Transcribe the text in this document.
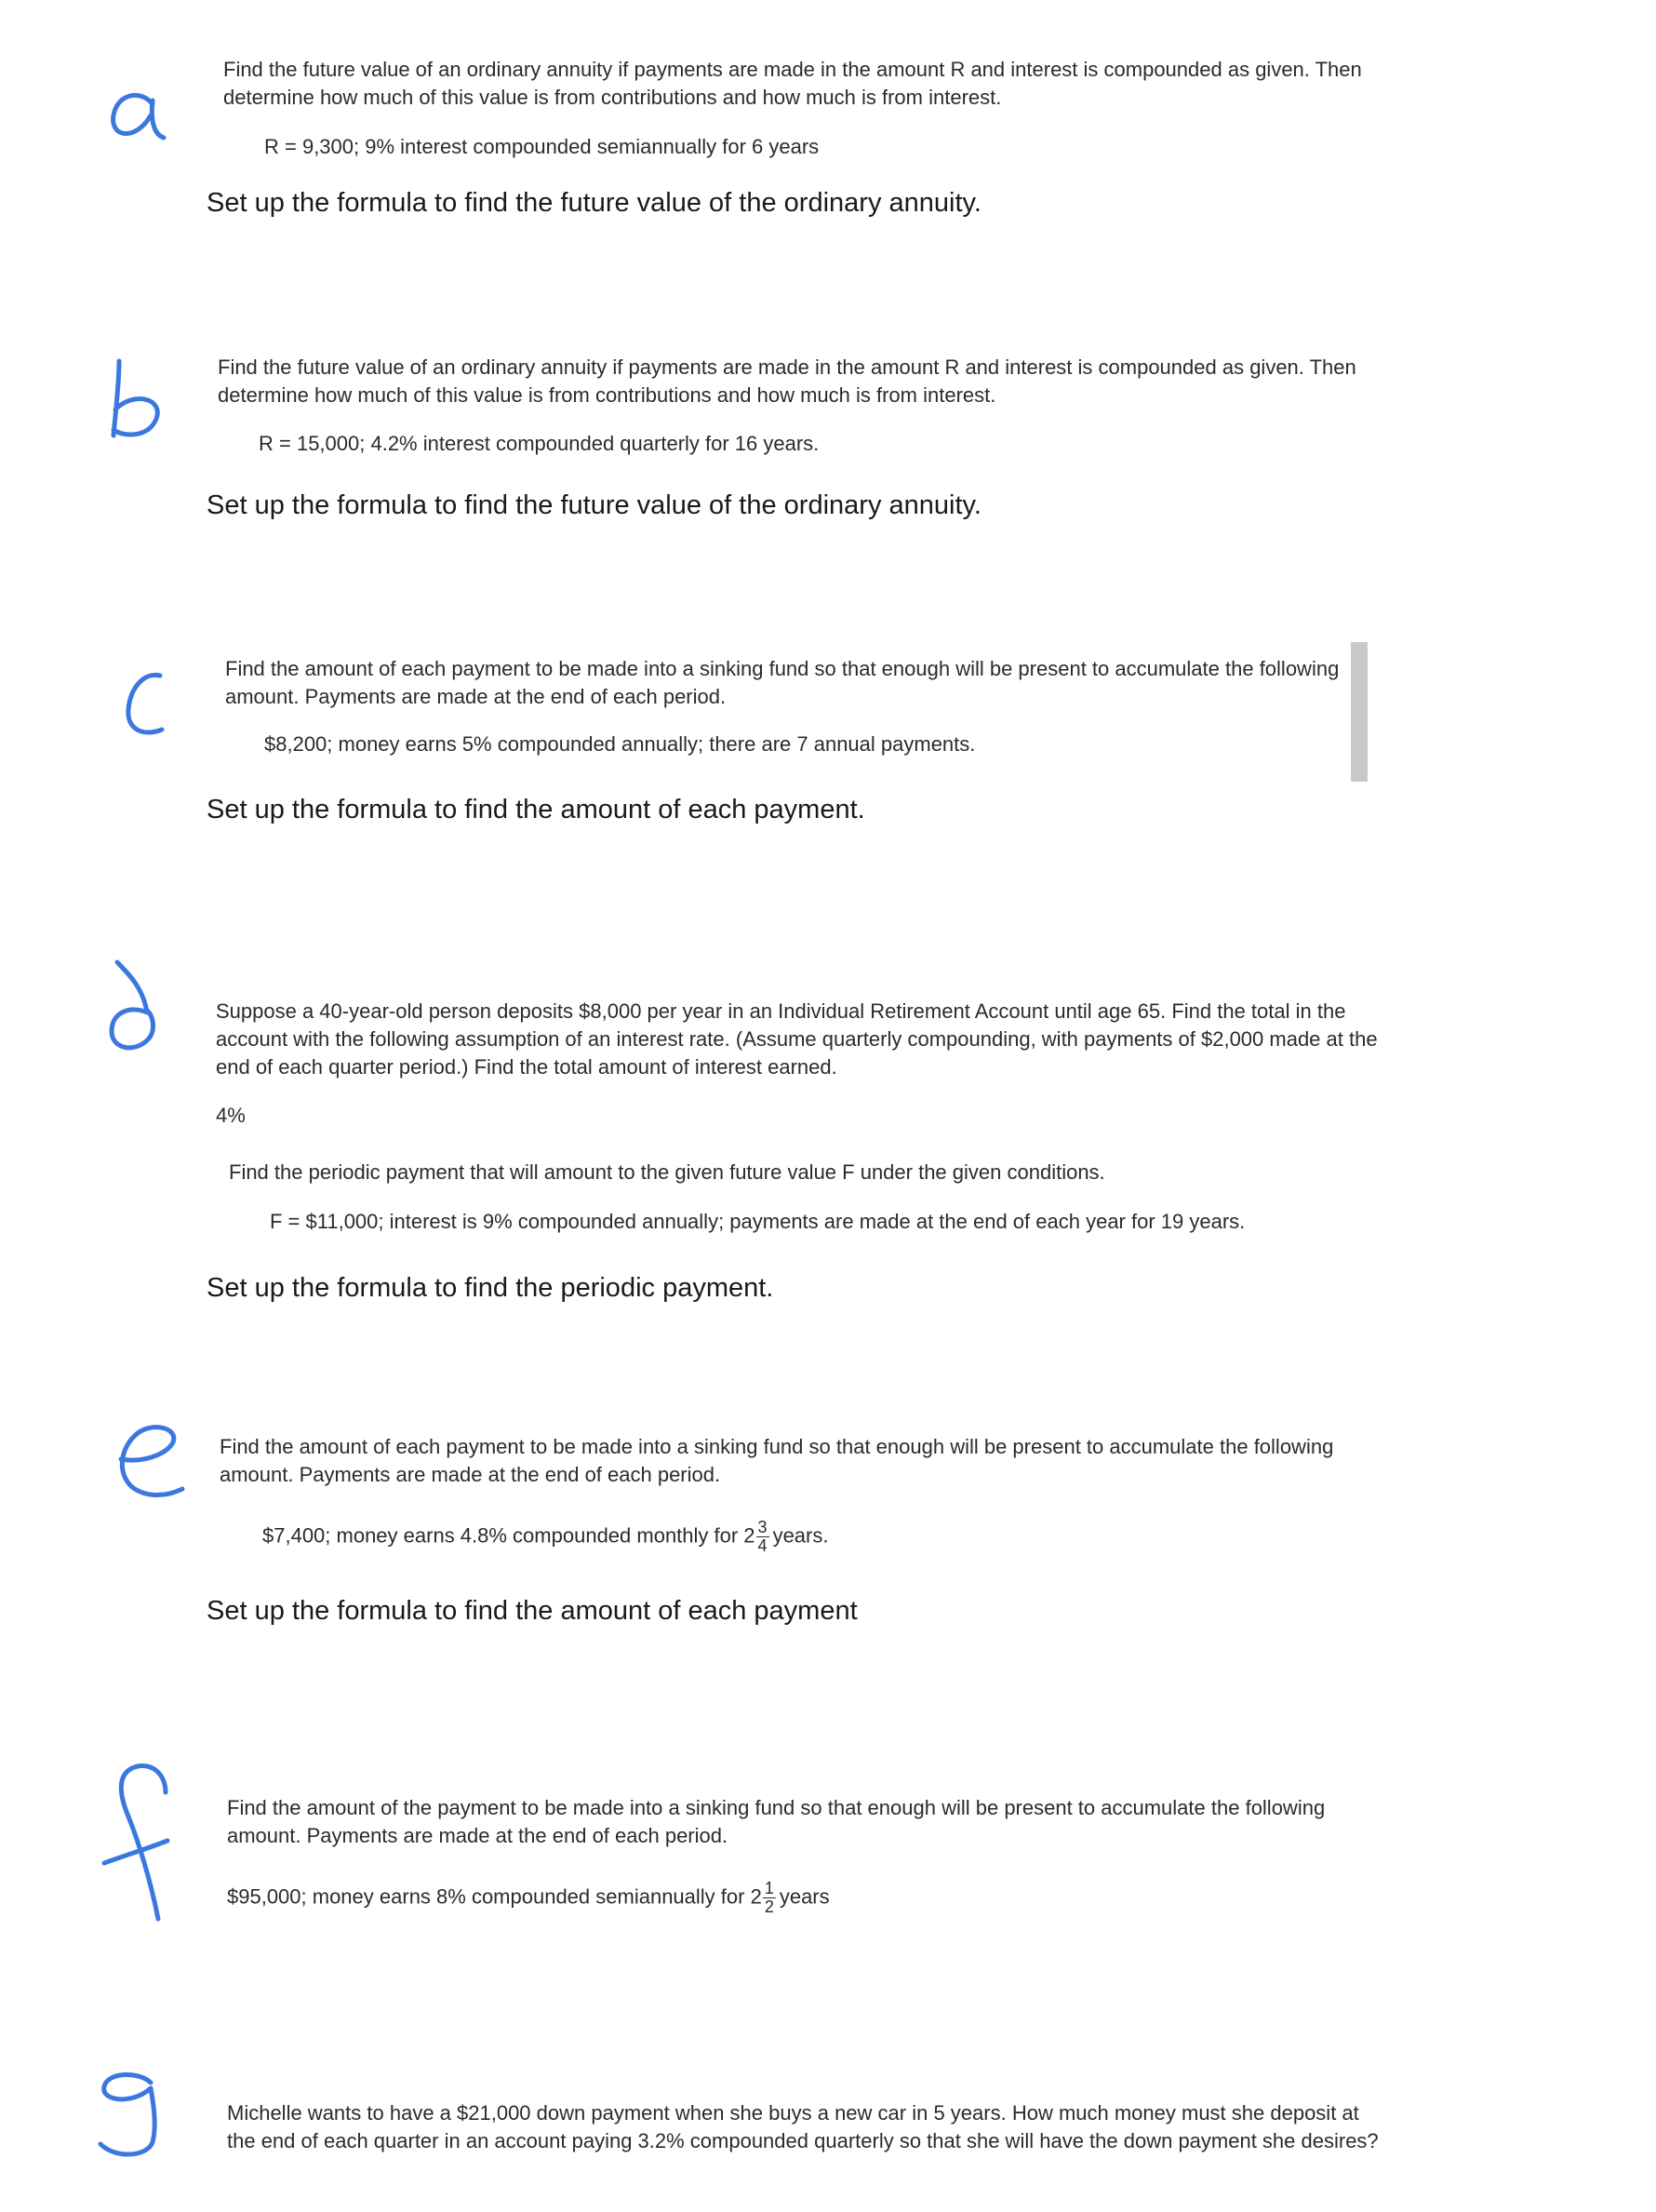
Find the future value of an ordinary annuity if payments are made in the amount R and interest is compounded as given. Then determine how much of this value is from contributions and how much is from interest.
R = 9,300; 9% interest compounded semiannually for 6 years
Set up the formula to find the future value of the ordinary annuity.
Find the future value of an ordinary annuity if payments are made in the amount R and interest is compounded as given. Then determine how much of this value is from contributions and how much is from interest.
R = 15,000; 4.2% interest compounded quarterly for 16 years.
Set up the formula to find the future value of the ordinary annuity.
Find the amount of each payment to be made into a sinking fund so that enough will be present to accumulate the following amount. Payments are made at the end of each period.
$8,200; money earns 5% compounded annually; there are 7 annual payments.
Set up the formula to find the amount of each payment.
Suppose a 40-year-old person deposits $8,000 per year in an Individual Retirement Account until age 65. Find the total in the account with the following assumption of an interest rate. (Assume quarterly compounding, with payments of $2,000 made at the end of each quarter period.) Find the total amount of interest earned.
4%
Find the periodic payment that will amount to the given future value F under the given conditions.
F = $11,000; interest is 9% compounded annually; payments are made at the end of each year for 19 years.
Set up the formula to find the periodic payment.
Find the amount of each payment to be made into a sinking fund so that enough will be present to accumulate the following amount. Payments are made at the end of each period.
$7,400; money earns 4.8% compounded monthly for $2 \frac{3}{4}$ years.
Set up the formula to find the amount of each payment
Find the amount of the payment to be made into a sinking fund so that enough will be present to accumulate the following amount. Payments are made at the end of each period.
$95,000; money earns 8% compounded semiannually for $2 \frac{1}{2}$ years
Michelle wants to have a $21,000 down payment when she buys a new car in 5 years. How much money must she deposit at the end of each quarter in an account paying 3.2% compounded quarterly so that she will have the down payment she desires?
